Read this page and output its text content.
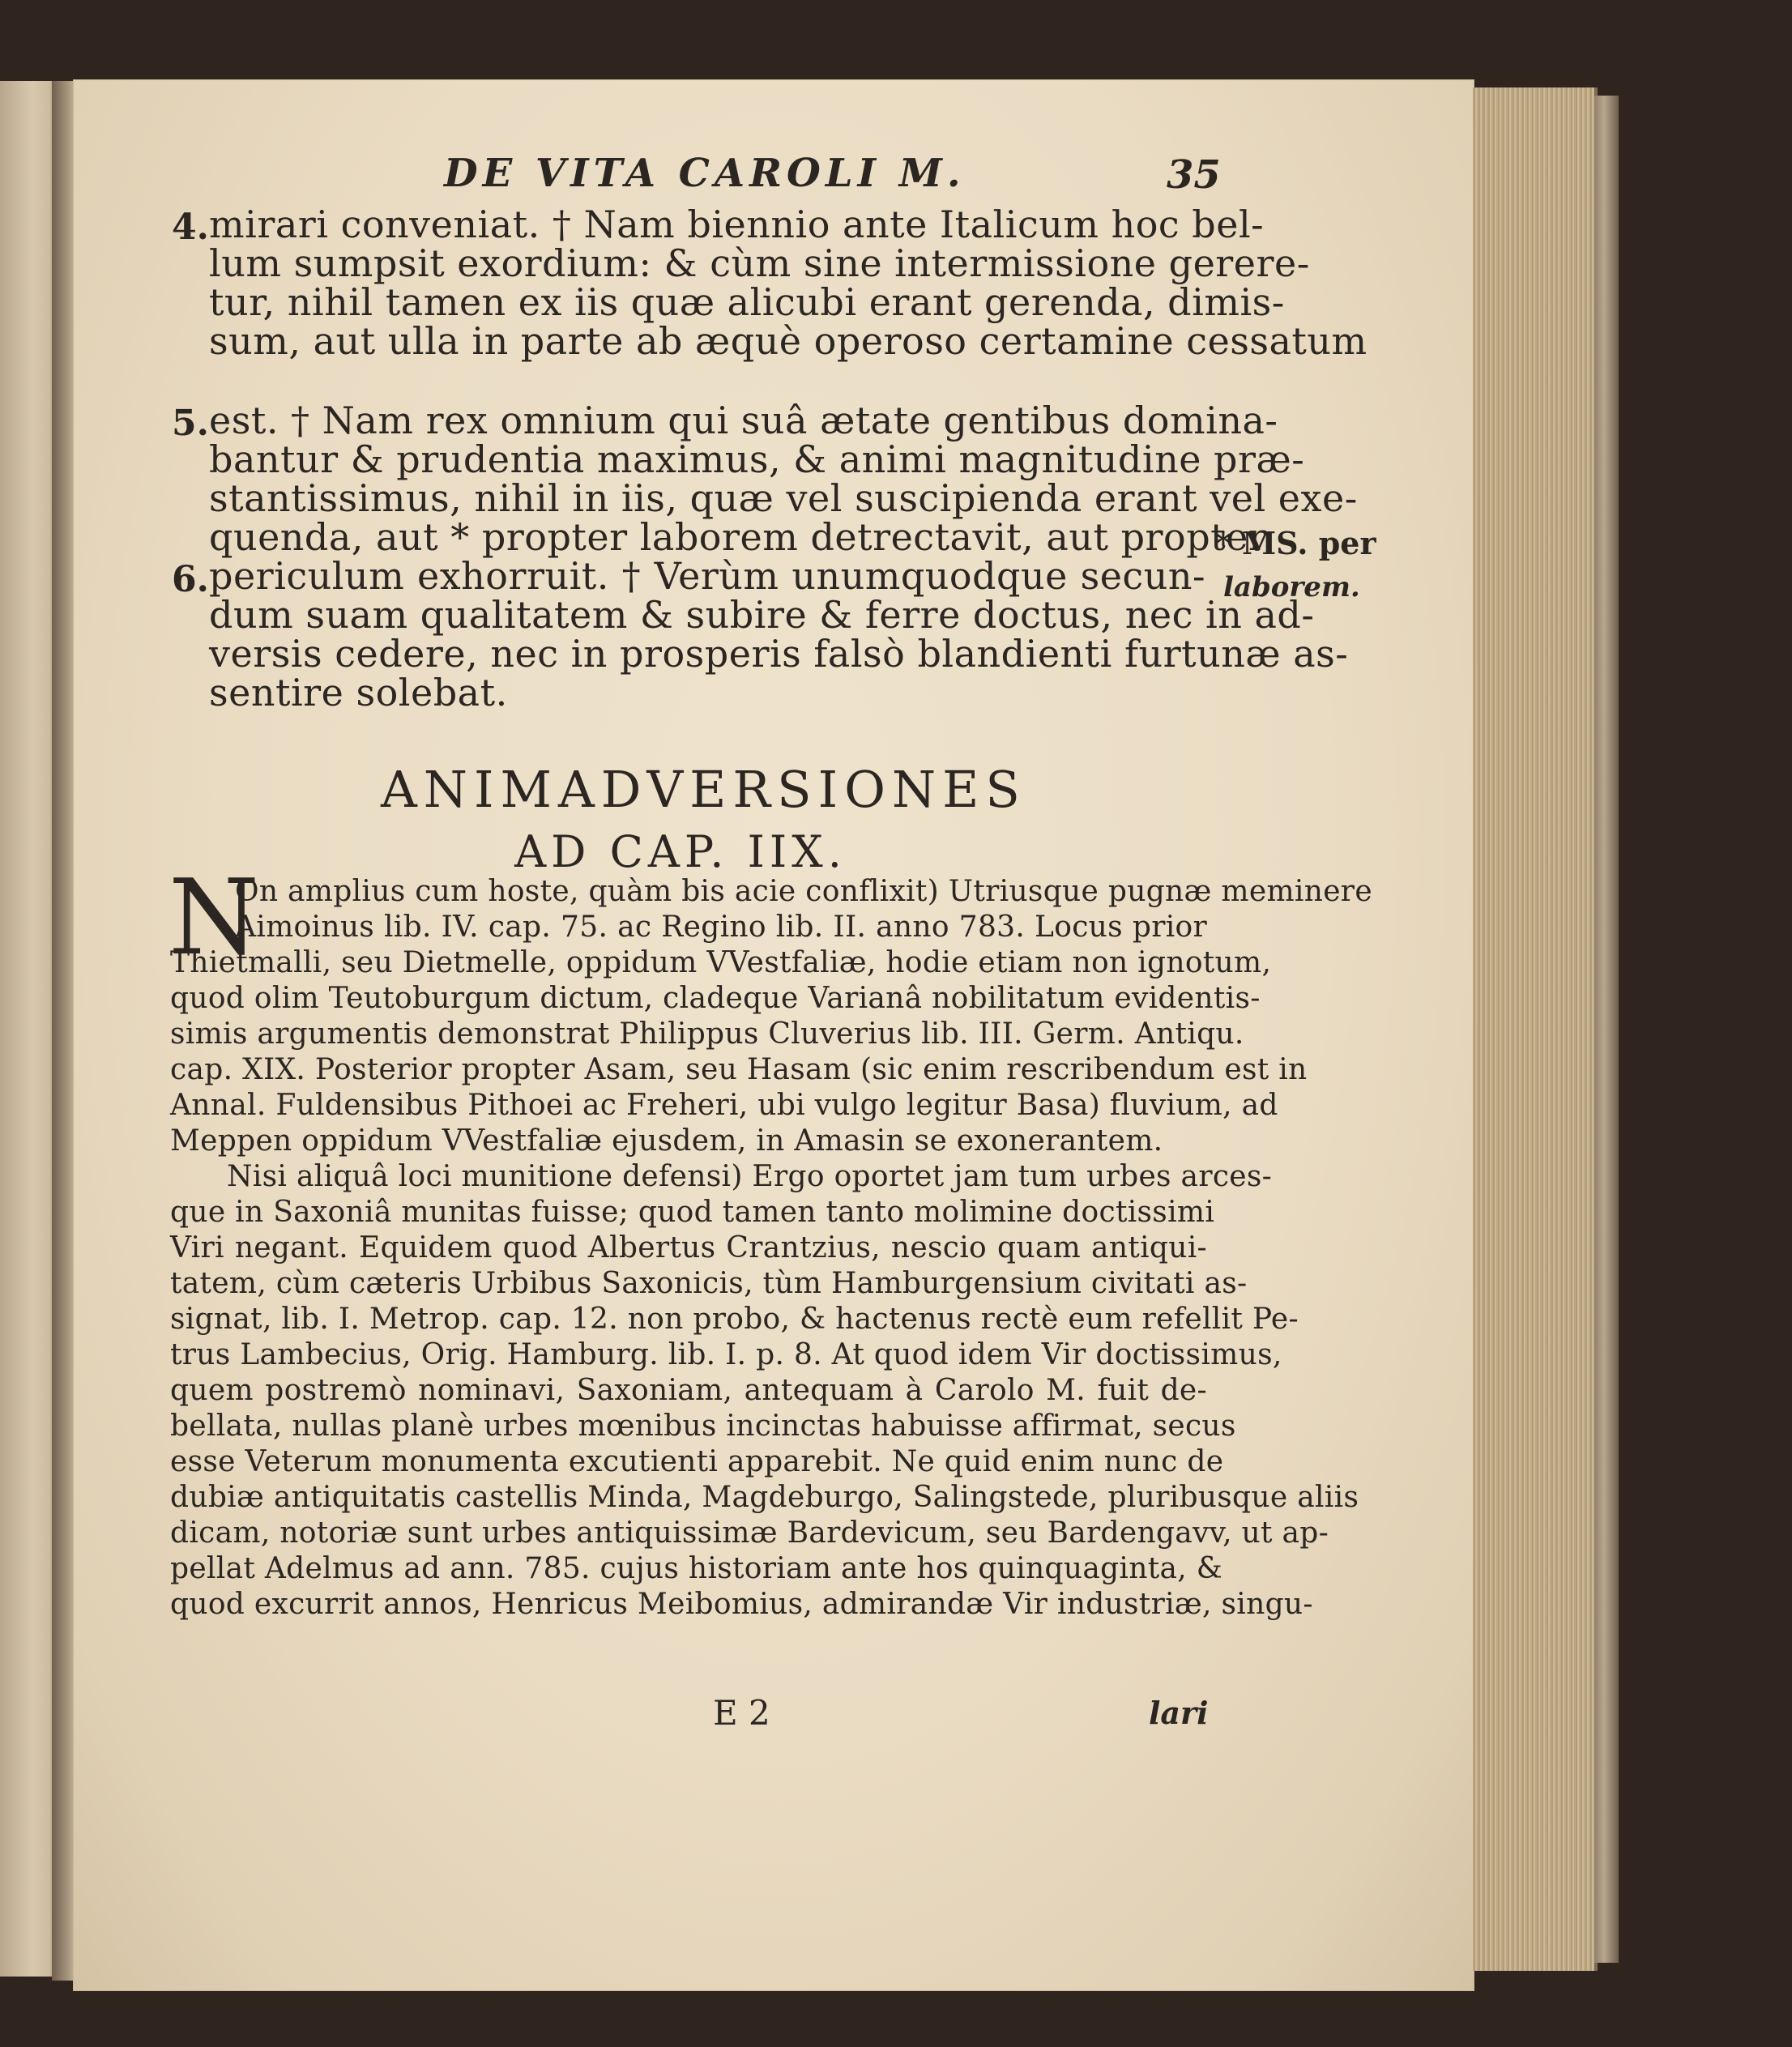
DE VITA CAROLI M.	35
4.
5.
6.
* MS. per
laborem.
mirari conveniat. † Nam biennio ante Italicum hoc bel-
lum sumpsit exordium: & cùm sine intermissione gerere-
tur, nihil tamen ex iis quæ alicubi erant gerenda, dimis-
sum, aut ulla in parte ab æquè operoso certamine cessatum
est. † Nam rex omnium qui suâ ætate gentibus domina-
bantur & prudentia maximus, & animi magnitudine præ-
stantissimus, nihil in iis, quæ vel suscipienda erant vel exe-
quenda, aut * propter laborem detrectavit, aut propter
periculum exhorruit. † Verùm unumquodque secun-
dum suam qualitatem & subire & ferre doctus, nec in ad-
versis cedere, nec in prosperis falsò blandienti furtunæ as-
sentire solebat.
ANIMADVERSIONES
AD CAP. IIX.
N
On amplius cum hoste, quàm bis acie conflixit) Utriusque pugnæ meminere
Aimoinus lib. IV. cap. 75. ac Regino lib. II. anno 783. Locus prior
Thietmalli, seu Dietmelle, oppidum VVestfaliæ, hodie etiam non ignotum,
quod olim Teutoburgum dictum, cladeque Varianâ nobilitatum evidentis-
simis argumentis demonstrat Philippus Cluverius lib. III. Germ. Antiqu.
cap. XIX. Posterior propter Asam, seu Hasam (sic enim rescribendum est in
Annal. Fuldensibus Pithoei ac Freheri, ubi vulgo legitur Basa) fluvium, ad
Meppen oppidum VVestfaliæ ejusdem, in Amasin se exonerantem.
Nisi aliquâ loci munitione defensi) Ergo oportet jam tum urbes arces-
que in Saxoniâ munitas fuisse; quod tamen tanto molimine doctissimi
Viri negant. Equidem quod Albertus Crantzius, nescio quam antiqui-
tatem, cùm cæteris Urbibus Saxonicis, tùm Hamburgensium civitati as-
signat, lib. I. Metrop. cap. 12. non probo, & hactenus rectè eum refellit Pe-
trus Lambecius, Orig. Hamburg. lib. I. p. 8. At quod idem Vir doctissimus,
quem postremò nominavi, Saxoniam, antequam à Carolo M. fuit de-
bellata, nullas planè urbes mœnibus incinctas habuisse affirmat, secus
esse Veterum monumenta excutienti apparebit. Ne quid enim nunc de
dubiæ antiquitatis castellis Minda, Magdeburgo, Salingstede, pluribusque aliis
dicam, notoriæ sunt urbes antiquissimæ Bardevicum, seu Bardengavv, ut ap-
pellat Adelmus ad ann. 785. cujus historiam ante hos quinquaginta, &
quod excurrit annos, Henricus Meibomius, admirandæ Vir industriæ, singu-
E 2	lari
